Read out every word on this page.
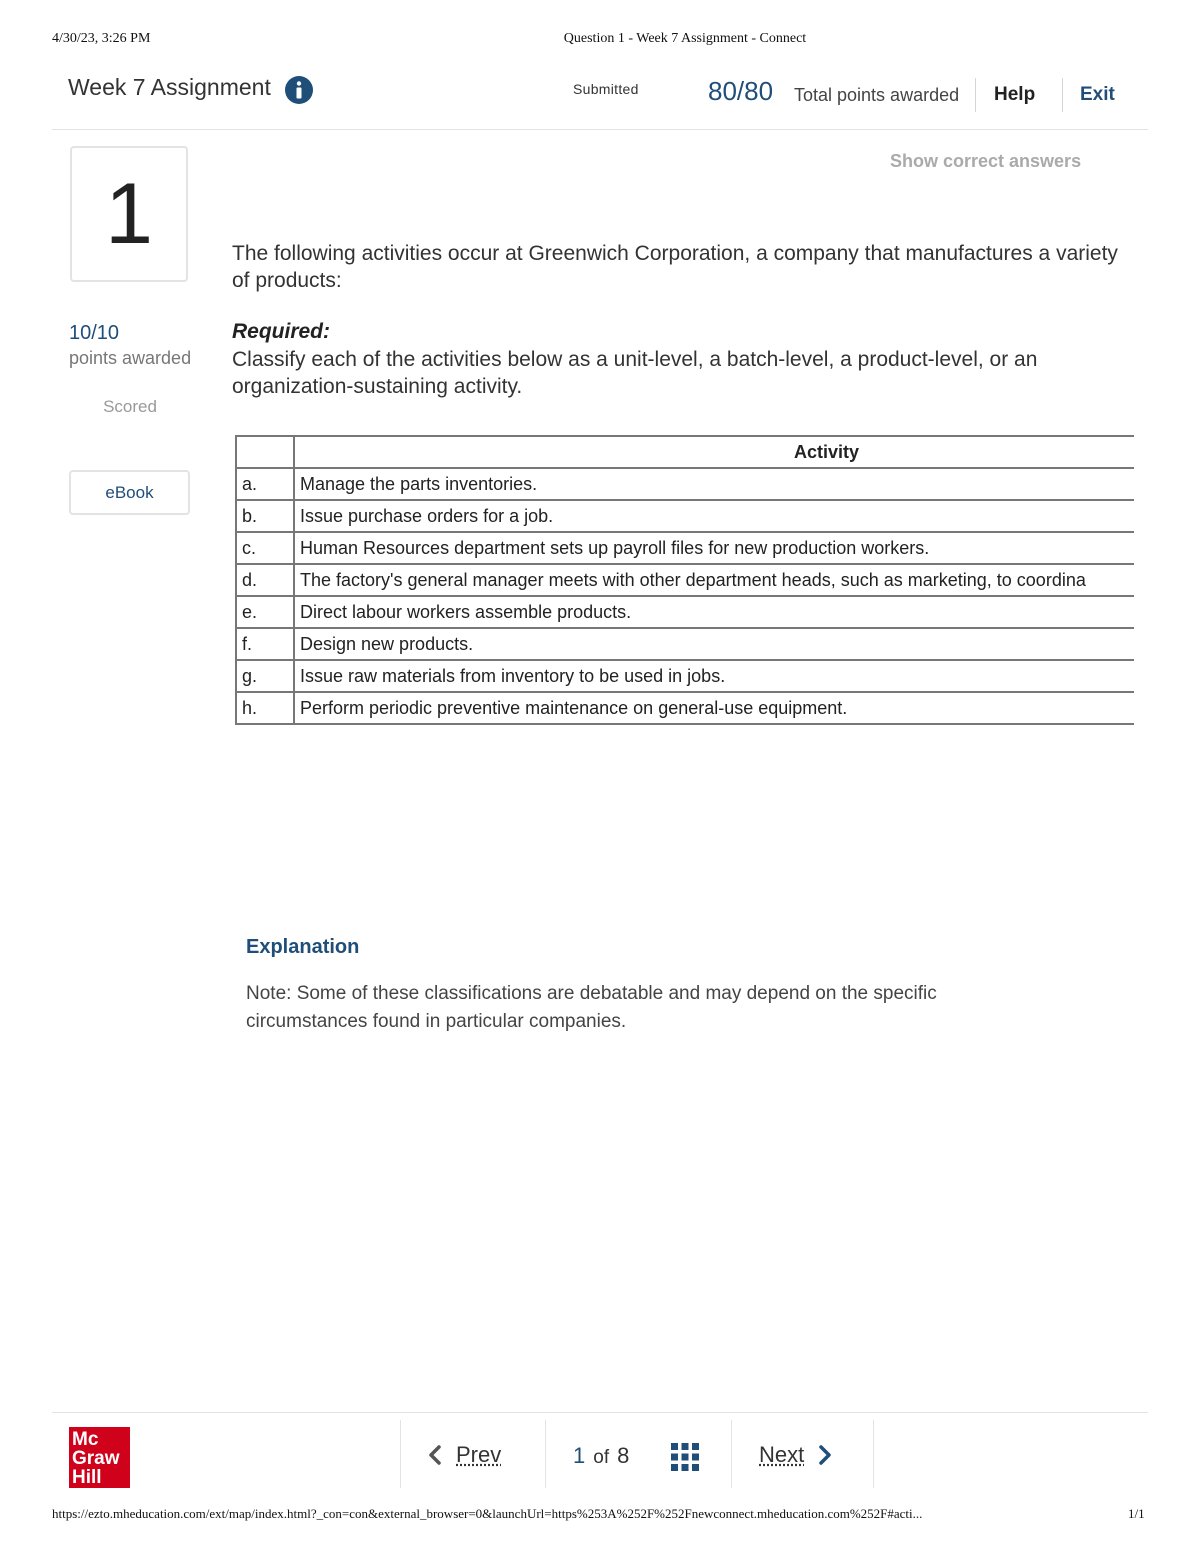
4/30/23, 3:26 PM	Question 1 - Week 7 Assignment - Connect
Week 7 Assignment	Submitted	80/80 Total points awarded Help Exit
1
10/10
points awarded
Scored
eBook
Show correct answers
The following activities occur at Greenwich Corporation, a company that manufactures a variety of products:
Required:
Classify each of the activities below as a unit-level, a batch-level, a product-level, or an organization-sustaining activity.
	Activity
a.	Manage the parts inventories.
b.	Issue purchase orders for a job.
c.	Human Resources department sets up payroll files for new production workers.
d.	The factory's general manager meets with other department heads, such as marketing, to coordina
e.	Direct labour workers assemble products.
f.	Design new products.
g.	Issue raw materials from inventory to be used in jobs.
h.	Perform periodic preventive maintenance on general-use equipment.
Explanation
Note: Some of these classifications are debatable and may depend on the specific circumstances found in particular companies.
Mc
Graw
Hill
Prev	1 of 8	Next
https://ezto.mheducation.com/ext/map/index.html?_con=con&external_browser=0&launchUrl=https%253A%252F%252Fnewconnect.mheducation.com%252F#acti...	1/1
